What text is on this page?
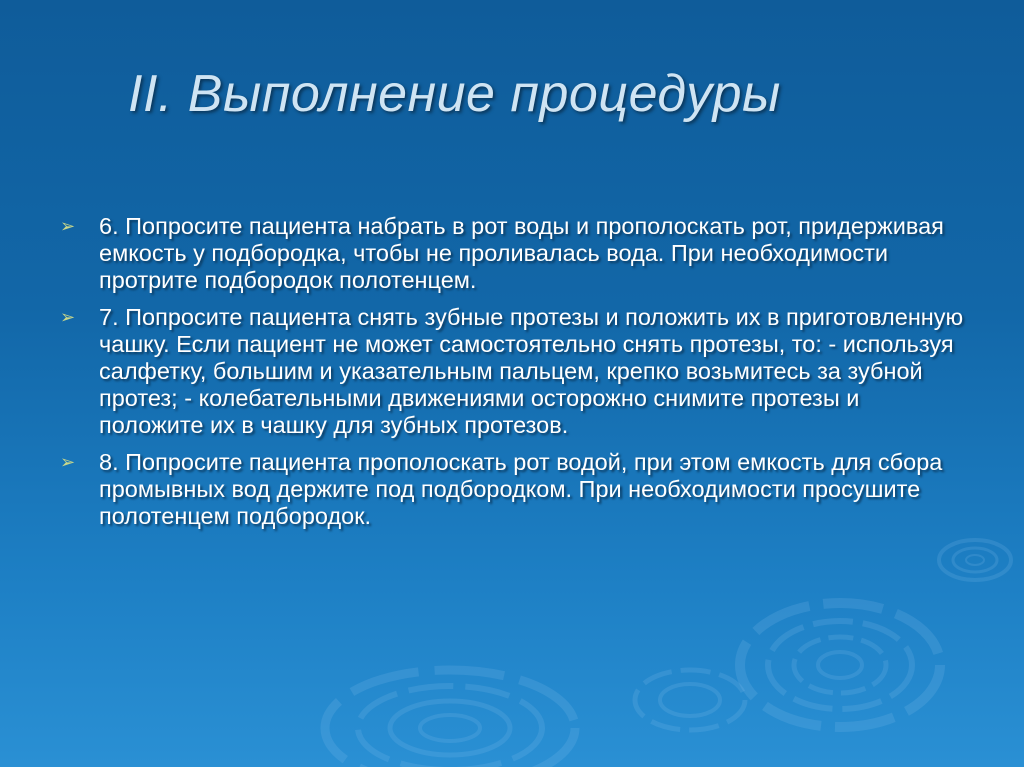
II. Выполнение процедуры
➢ 6. Попросите пациента набрать в рот воды и прополоскать рот, придерживая емкость у подбородка, чтобы не проливалась вода. При необходимости протрите подбородок полотенцем.
➢ 7. Попросите пациента снять зубные протезы и положить их в приготовленную чашку. Если пациент не может самостоятельно снять протезы, то: - используя салфетку, большим и указательным пальцем, крепко возьмитесь за зубной протез; - колебательными движениями осторожно снимите протезы и положите их в чашку для зубных протезов.
➢ 8. Попросите пациента прополоскать рот водой, при этом емкость для сбора промывных вод держите под подбородком. При необходимости просушите полотенцем подбородок.
